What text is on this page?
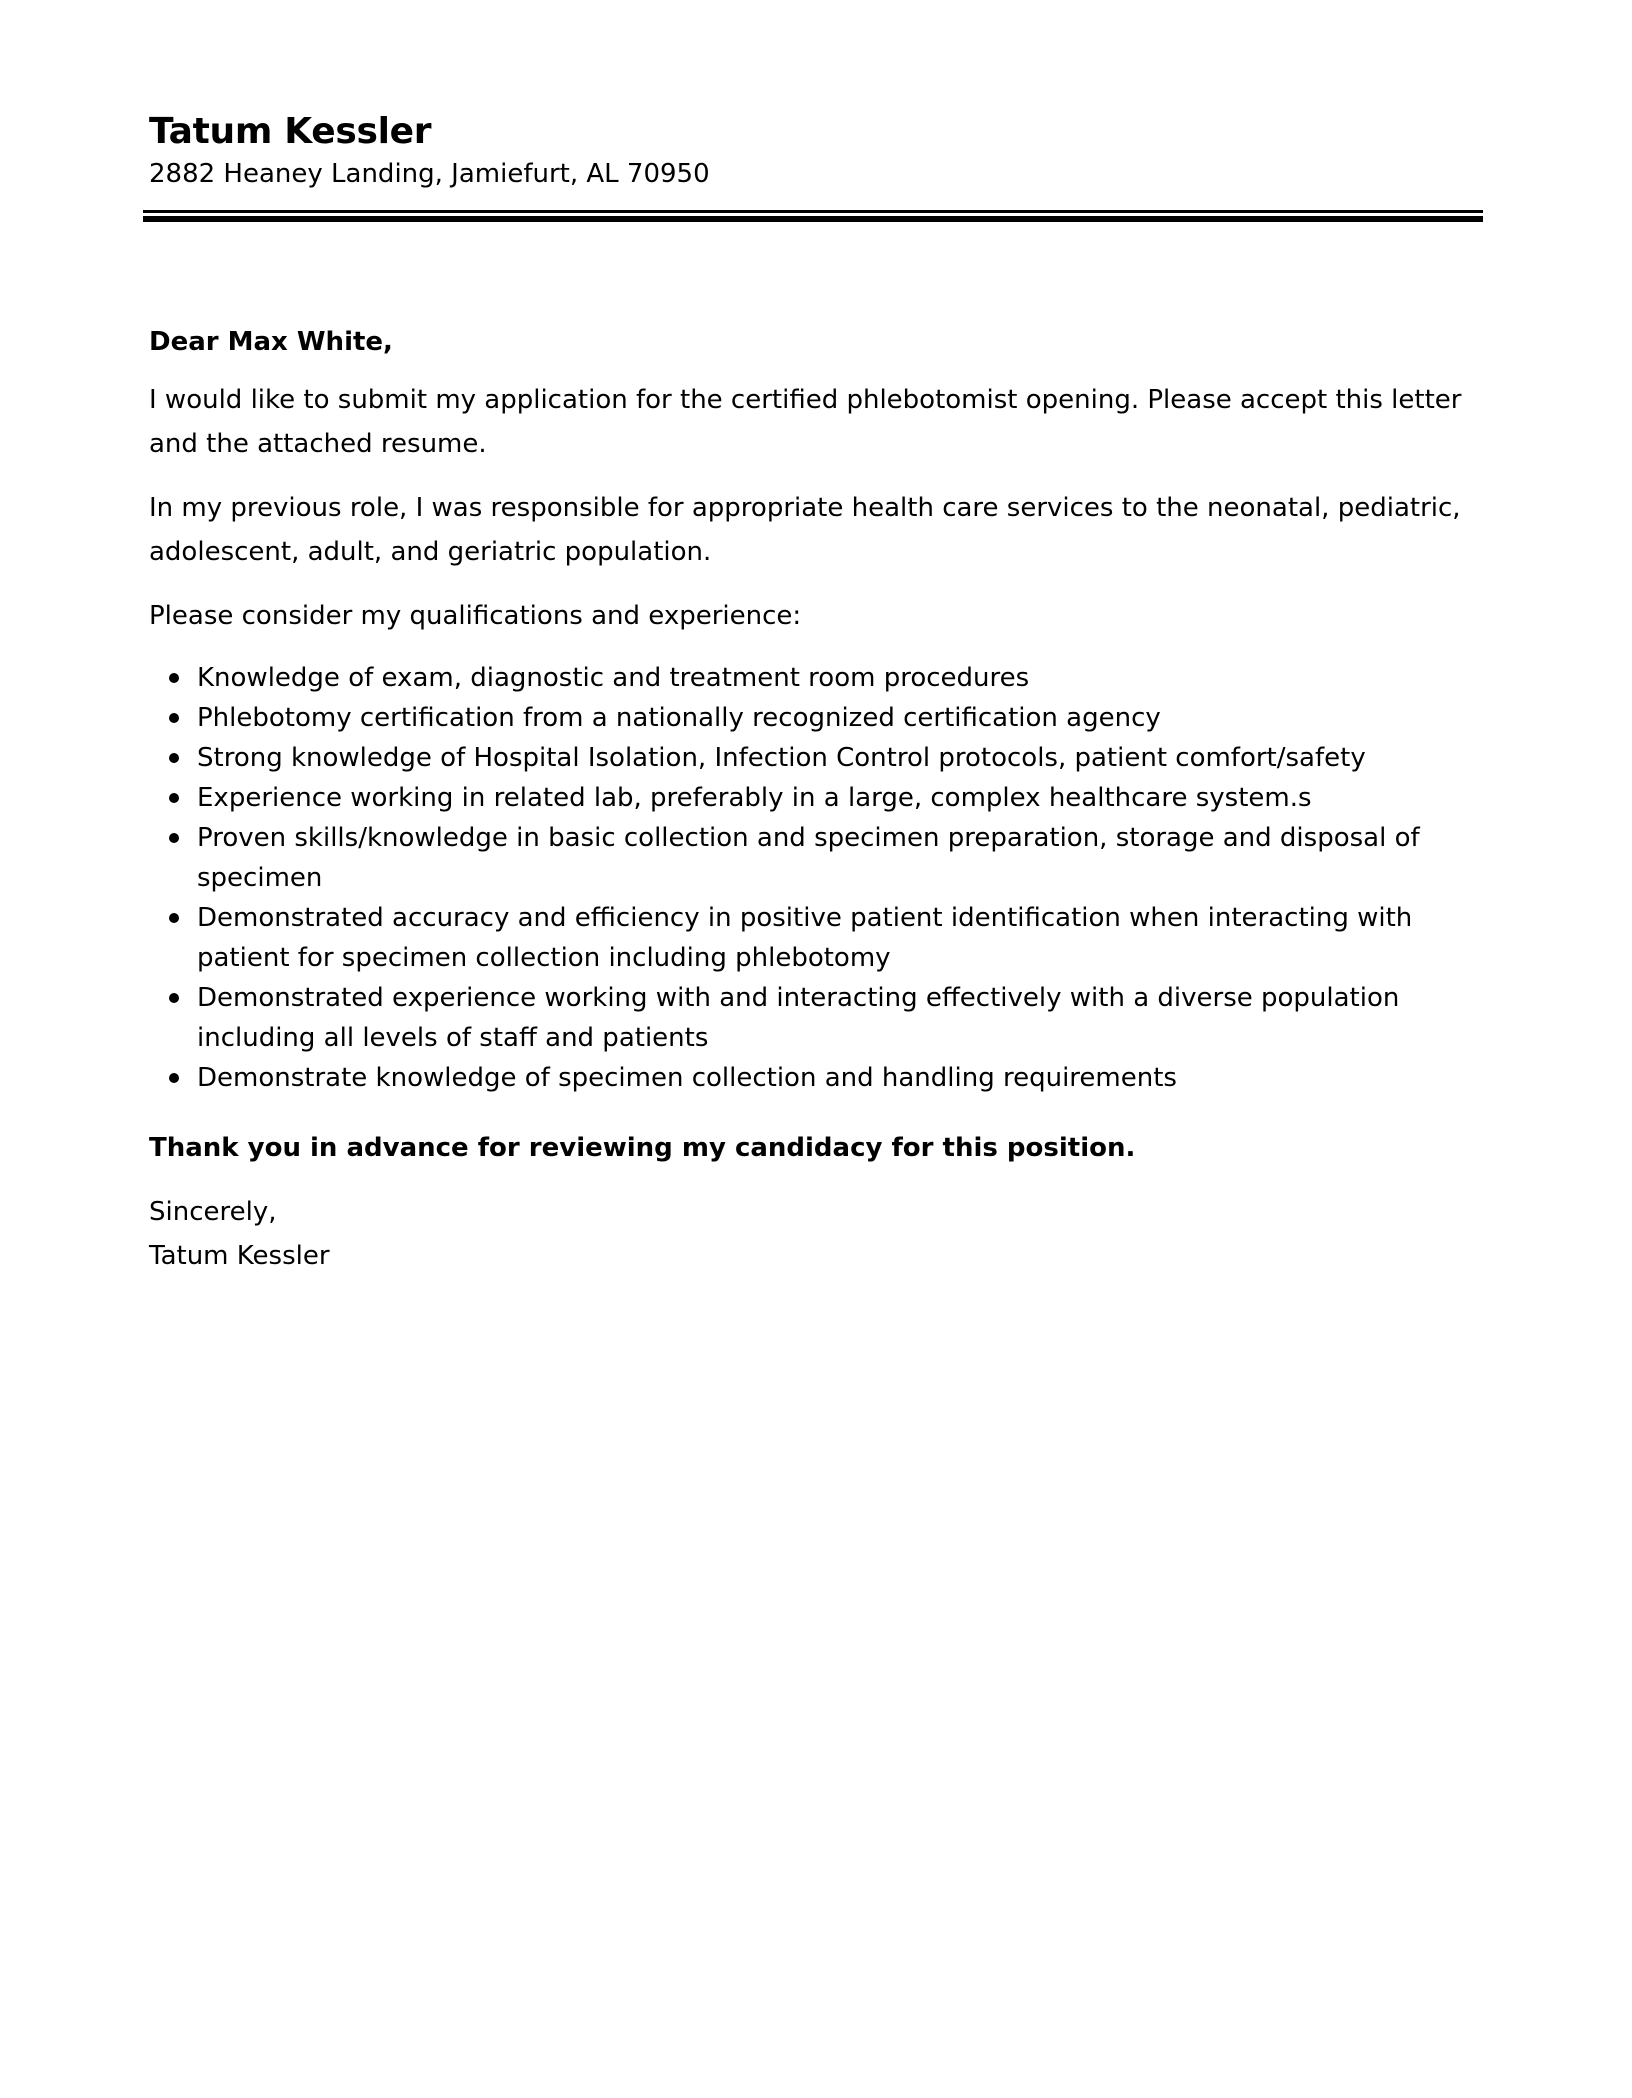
Tatum Kessler

2882 Heaney Landing, Jamiefurt, AL 70950

Dear Max White,

I would like to submit my application for the certified phlebotomist opening. Please accept this letter and the attached resume.

In my previous role, I was responsible for appropriate health care services to the neonatal, pediatric, adolescent, adult, and geriatric population.

Please consider my qualifications and experience:

Knowledge of exam, diagnostic and treatment room procedures
Phlebotomy certification from a nationally recognized certification agency
Strong knowledge of Hospital Isolation, Infection Control protocols, patient comfort/safety
Experience working in related lab, preferably in a large, complex healthcare system.s
Proven skills/knowledge in basic collection and specimen preparation, storage and disposal of specimen
Demonstrated accuracy and efficiency in positive patient identification when interacting with patient for specimen collection including phlebotomy
Demonstrated experience working with and interacting effectively with a diverse population including all levels of staff and patients
Demonstrate knowledge of specimen collection and handling requirements

Thank you in advance for reviewing my candidacy for this position.

Sincerely,

Tatum Kessler
